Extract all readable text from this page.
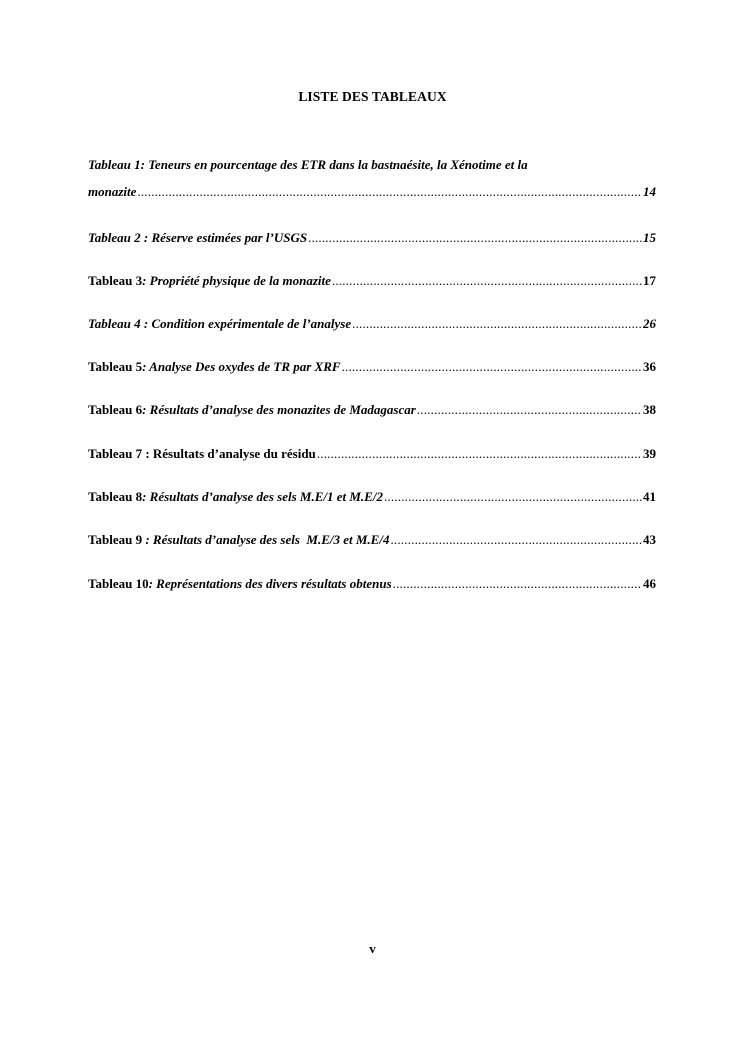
LISTE DES TABLEAUX
Tableau 1: Teneurs en pourcentage des ETR dans la bastnaésite, la Xénotime et la
monazite .....	14
Tableau 2 : Réserve estimées par l’USGS .....	15
Tableau 3 : Propriété physique de la monazite .....	17
Tableau 4 : Condition expérimentale de l’analyse .....	26
Tableau 5 : Analyse Des oxydes de TR par XRF .....	36
Tableau 6 : Résultats d’analyse des monazites de Madagascar .....	38
Tableau 7 : Résultats d’analyse du résidu .....	39
Tableau 8 : Résultats d’analyse des sels M.E/1 et M.E/2 .....	41
Tableau 9 : Résultats d’analyse des sels  M.E/3 et M.E/4 .....	43
Tableau 10 : Représentations des divers résultats obtenus .....	46
v
